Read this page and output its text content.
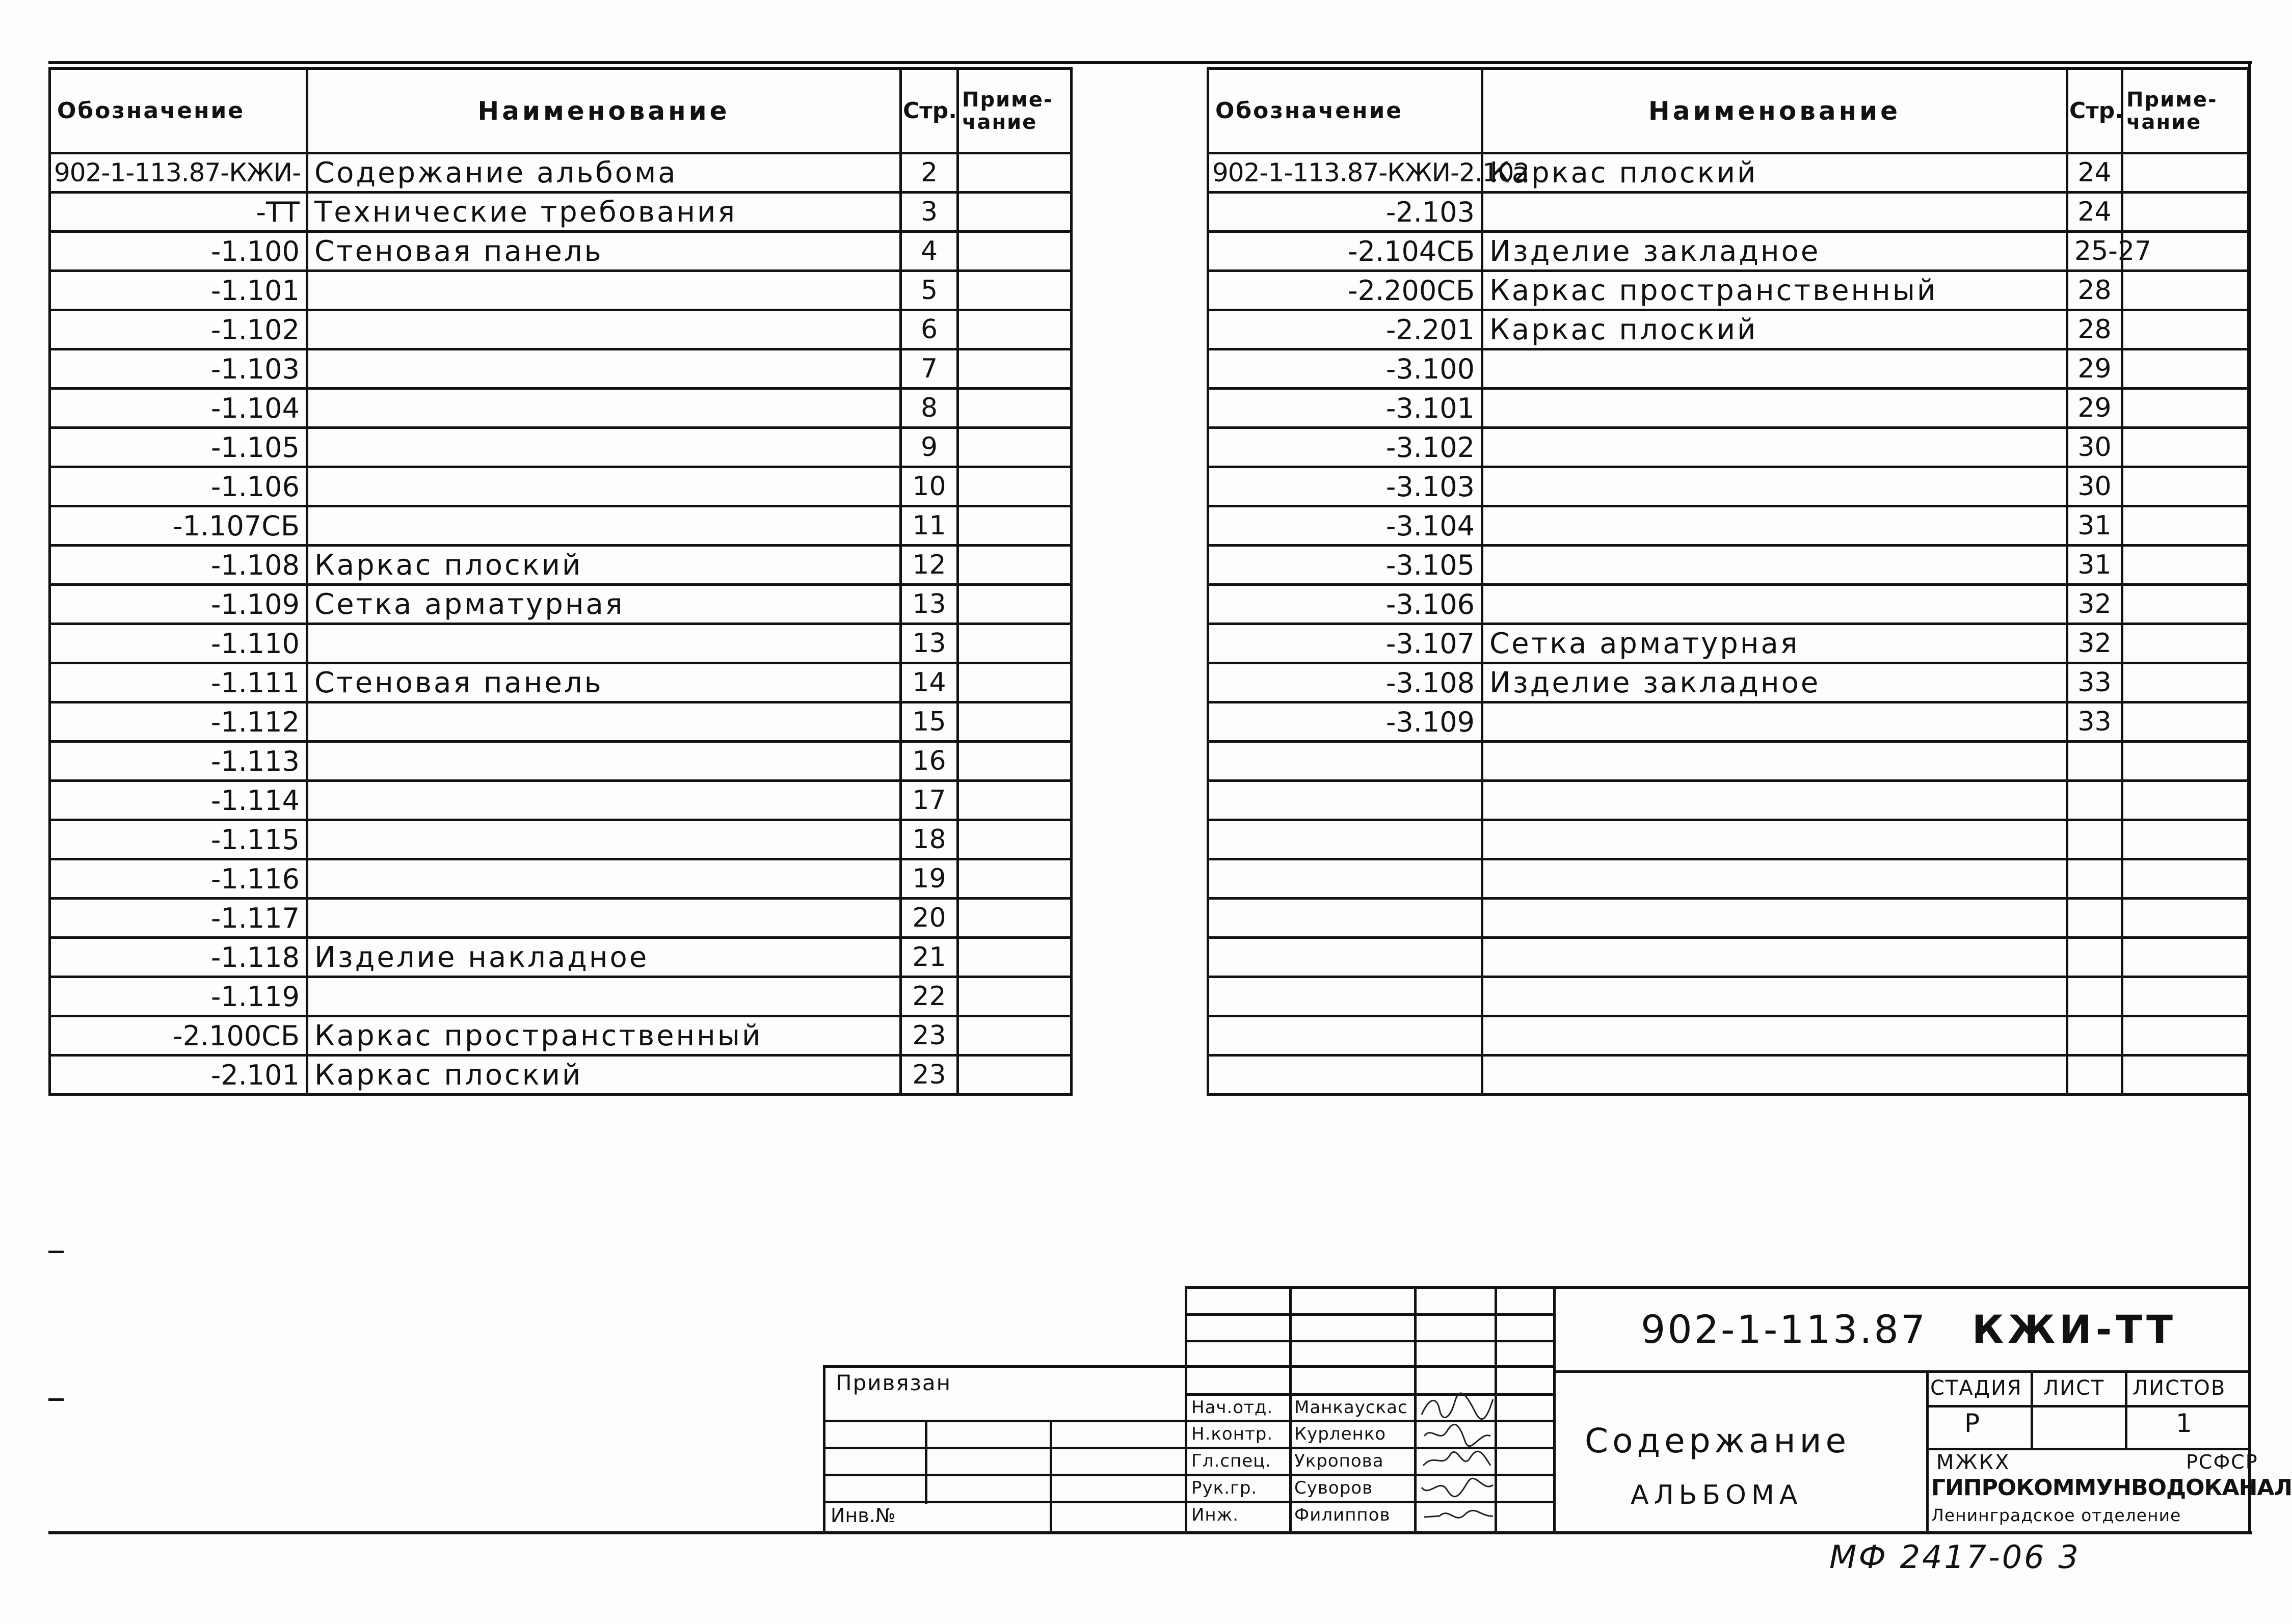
Обозначение	Наименование	Стр.	Приме-
чание
902-1-113.87-КЖИ-	Содержание альбома	2	
-ТТ	Технические требования	3	
-1.100	Стеновая панель	4	
-1.101		5	
-1.102		6	
-1.103		7	
-1.104		8	
-1.105		9	
-1.106		10	
-1.107СБ		11	
-1.108	Каркас плоский	12	
-1.109	Сетка арматурная	13	
-1.110		13	
-1.111	Стеновая панель	14	
-1.112		15	
-1.113		16	
-1.114		17	
-1.115		18	
-1.116		19	
-1.117		20	
-1.118	Изделие накладное	21	
-1.119		22	
-2.100СБ	Каркас пространственный	23	
-2.101	Каркас плоский	23	
Обозначение	Наименование	Стр.	Приме-
чание
902-1-113.87-КЖИ-2.102	Каркас плоский	24	
-2.103		24	
-2.104СБ	Изделие закладное	25-27	
-2.200СБ	Каркас пространственный	28	
-2.201	Каркас плоский	28	
-3.100		29	
-3.101		29	
-3.102		30	
-3.103		30	
-3.104		31	
-3.105		31	
-3.106		32	
-3.107	Сетка арматурная	32	
-3.108	Изделие закладное	33	
-3.109		33	

902-1-113.87 КЖИ-ТТ
Привязан
Инв.№
Содержание
АЛЬБОМА
СТАДИЯ ЛИСТ ЛИСТОВ
Р	1
МЖКХ	РСФСР
ГИПРОКОММУНВОДОКАНАЛ
Ленинградское отделение
Нач.отд. Манкаускас
Н.контр. Курленко
Гл.спец. Укропова
Рук.гр. Суворов
Инж.	Филиппов
МФ 2417-06 3
